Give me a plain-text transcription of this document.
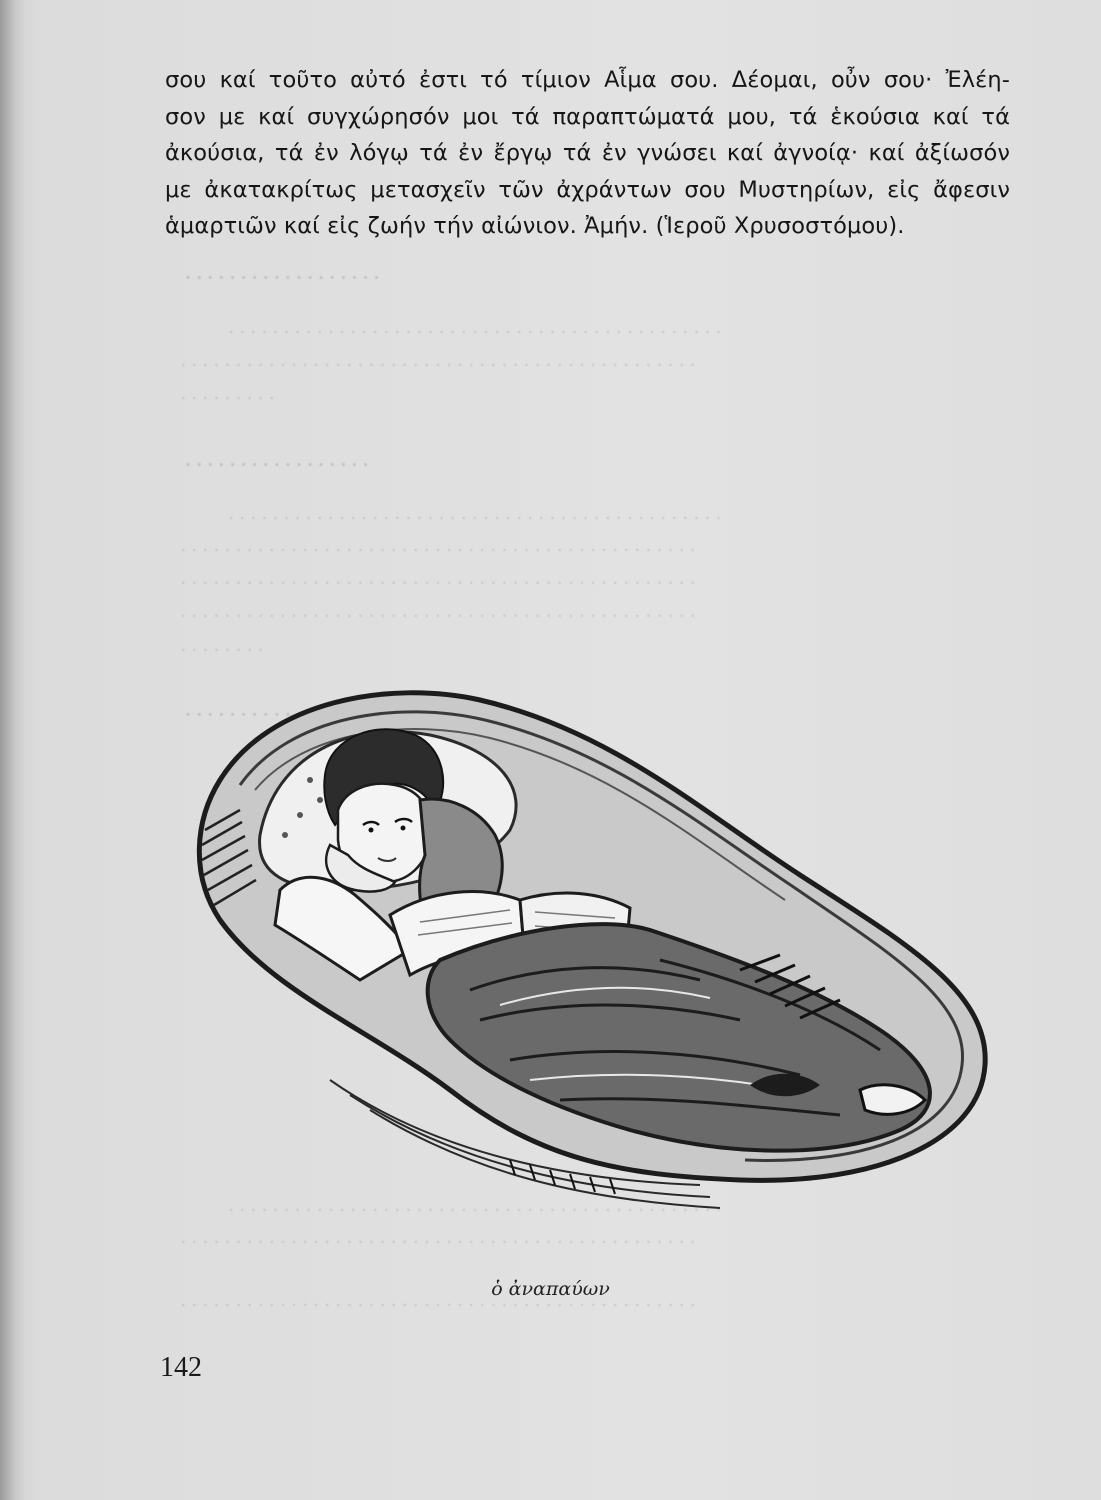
· · · · · · · · · · · · · · · · · ·
· · · · · · · · · · · · · · · · · · · · · · · · · · · · · · · · · · · · · · · · · · · · ·
· · · · · · · · · · · · · · · · · · · · · · · · · · · · · · · · · · · · · · · · · · · · · · ·
· · · · · · · · ·
· · · · · · · · · · · · · · · · ·
· · · · · · · · · · · · · · · · · · · · · · · · · · · · · · · · · · · · · · · · · · · · ·
· · · · · · · · · · · · · · · · · · · · · · · · · · · · · · · · · · · · · · · · · · · · · · ·
· · · · · · · · · · · · · · · · · · · · · · · · · · · · · · · · · · · · · · · · · · · · · · ·
· · · · · · · · · · · · · · · · · · · · · · · · · · · · · · · · · · · · · · · · · · · · · · ·
· · · · · · · ·
· · · · · · · · · · · · · · ·
· · · · · · · · · · · · · · · · · · · · · · · · · · · · · · · · · · · · · · · · · · · · ·
· · · · · · · · · · · · · · · · · · · · · · · · · · · · · · · · · · · · · · · · · · · · · · ·
· · · · · · · · · · · · · · · · · · · · · · · · · · · · · · · · · · · · · · · · · · · · · · ·
σου καί τοῦτο αὐτό ἐστι τό τίμιον Αἷμα σου. Δέομαι, οὖν σου· Ἐλέη-
σον με καί συγχώρησόν μοι τά παραπτώματά μου, τά ἑκούσια καί τά
ἀκούσια, τά ἐν λόγῳ τά ἐν ἔργῳ τά ἐν γνώσει καί ἀγνοίᾳ· καί ἀξίωσόν
με ἀκατακρίτως μετασχεῖν τῶν ἀχράντων σου Μυστηρίων, εἰς ἄφεσιν
ἁμαρτιῶν καί εἰς ζωήν τήν αἰώνιον. Ἀμήν. (Ἱεροῦ Χρυσοστόμου).
ὁ ἀναπαύων
142
